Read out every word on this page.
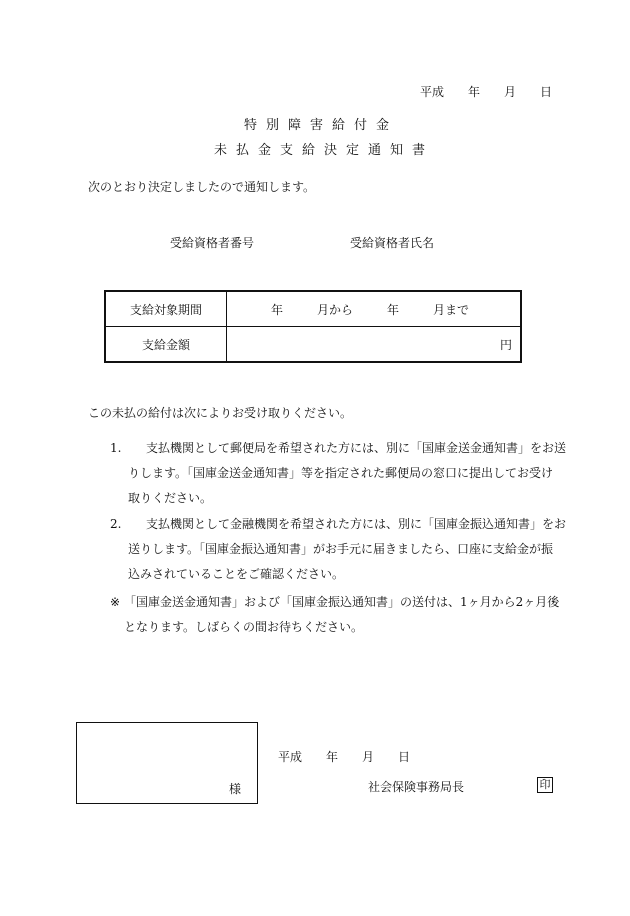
平成 年 月 日
特別障害給付金
未払金支給決定通知書
次のとおり決定しましたので通知します。
受給資格者番号	受給資格者氏名
支給対象期間	年 月から 年 月まで

支給金額	円
この未払の給付は次によりお受け取りください。
1.	支払機関として郵便局を希望された方には、別に「国庫金送金通知書」をお送
りします。「国庫金送金通知書」等を指定された郵便局の窓口に提出してお受け
取りください。
2.	支払機関として金融機関を希望された方には、別に「国庫金振込通知書」をお
送りします。「国庫金振込通知書」がお手元に届きましたら、口座に支給金が振
込みされていることをご確認ください。
※ 「国庫金送金通知書」および「国庫金振込通知書」の送付は、1ヶ月から2ヶ月後
となります。しばらくの間お待ちください。
様
平成 年 月 日
社会保険事務局長	印
